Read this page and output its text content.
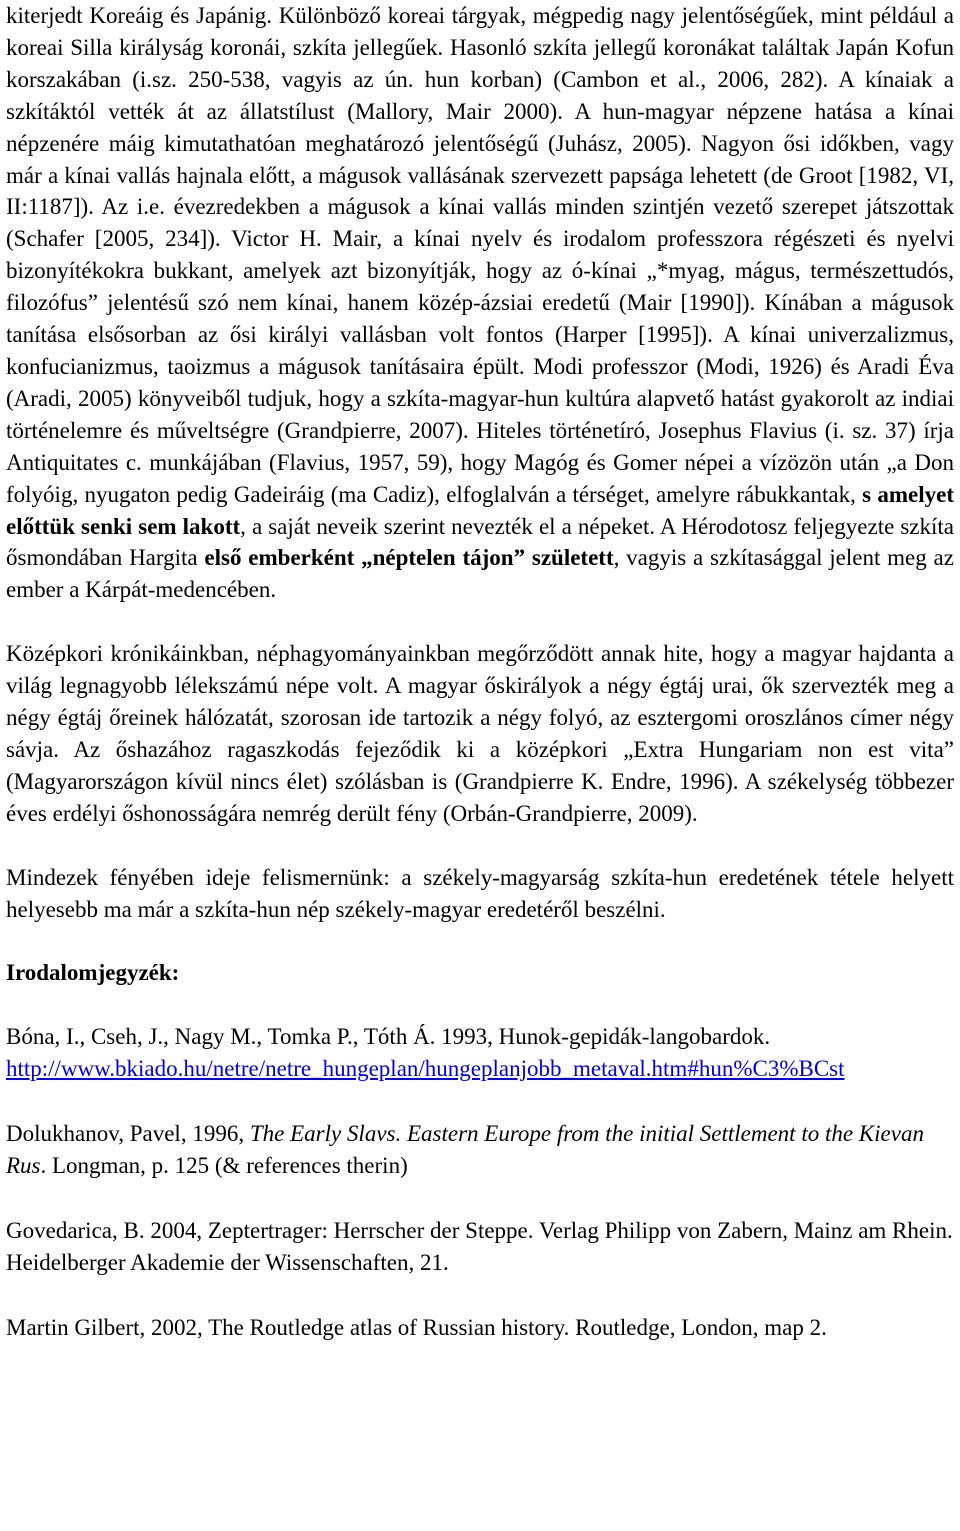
kiterjedt Koreáig és Japánig. Különböző koreai tárgyak, mégpedig nagy jelentőségűek, mint például a koreai Silla királyság koronái, szkíta jellegűek. Hasonló szkíta jellegű koronákat találtak Japán Kofun korszakában (i.sz. 250-538, vagyis az ún. hun korban) (Cambon et al., 2006, 282). A kínaiak a szkítáktól vették át az állatstílust (Mallory, Mair 2000). A hun-magyar népzene hatása a kínai népzenére máig kimutathatóan meghatározó jelentőségű (Juhász, 2005). Nagyon ősi időkben, vagy már a kínai vallás hajnala előtt, a mágusok vallásának szervezett papsága lehetett (de Groot [1982, VI, II:1187]). Az i.e. évezredekben a mágusok a kínai vallás minden szintjén vezető szerepet játszottak (Schafer [2005, 234]). Victor H. Mair, a kínai nyelv és irodalom professzora régészeti és nyelvi bizonyítékokra bukkant, amelyek azt bizonyítják, hogy az ó-kínai „*myag, mágus, természettudós, filozófus” jelentésű szó nem kínai, hanem közép-ázsiai eredetű (Mair [1990]). Kínában a mágusok tanítása elsősorban az ősi királyi vallásban volt fontos (Harper [1995]). A kínai univerzalizmus, konfucianizmus, taoizmus a mágusok tanításaira épült. Modi professzor (Modi, 1926) és Aradi Éva (Aradi, 2005) könyveiből tudjuk, hogy a szkíta-magyar-hun kultúra alapvető hatást gyakorolt az indiai történelemre és műveltségre (Grandpierre, 2007). Hiteles történetíró, Josephus Flavius (i. sz. 37) írja Antiquitates c. munkájában (Flavius, 1957, 59), hogy Magóg és Gomer népei a vízözön után „a Don folyóig, nyugaton pedig Gadeiráig (ma Cadiz), elfoglalván a térséget, amelyre rábukkantak, s amelyet előttük senki sem lakott, a saját neveik szerint nevezték el a népeket. A Hérodotosz feljegyezte szkíta ősmondában Hargita első emberként „néptelen tájon” született, vagyis a szkítasággal jelent meg az ember a Kárpát-medencében.

Középkori krónikáinkban, néphagyományainkban megőrződött annak hite, hogy a magyar hajdanta a világ legnagyobb lélekszámú népe volt. A magyar őskirályok a négy égtáj urai, ők szervezték meg a négy égtáj őreinek hálózatát, szorosan ide tartozik a négy folyó, az esztergomi oroszlános címer négy sávja. Az őshazához ragaszkodás fejeződik ki a középkori „Extra Hungariam non est vita” (Magyarországon kívül nincs élet) szólásban is (Grandpierre K. Endre, 1996). A székelység többezer éves erdélyi őshonosságára nemrég derült fény (Orbán-Grandpierre, 2009).

Mindezek fényében ideje felismernünk: a székely-magyarság szkíta-hun eredetének tétele helyett helyesebb ma már a szkíta-hun nép székely-magyar eredetéről beszélni.

Irodalomjegyzék:

Bóna, I., Cseh, J., Nagy M., Tomka P., Tóth Á. 1993, Hunok-gepidák-langobardok.
http://www.bkiado.hu/netre/netre_hungeplan/hungeplanjobb_metaval.htm#hun%C3%BCst

Dolukhanov, Pavel, 1996, The Early Slavs. Eastern Europe from the initial Settlement to the Kievan Rus. Longman, p. 125 (& references therin)

Govedarica, B. 2004, Zeptertrager: Herrscher der Steppe. Verlag Philipp von Zabern, Mainz am Rhein. Heidelberger Akademie der Wissenschaften, 21.

Martin Gilbert, 2002, The Routledge atlas of Russian history. Routledge, London, map 2.
